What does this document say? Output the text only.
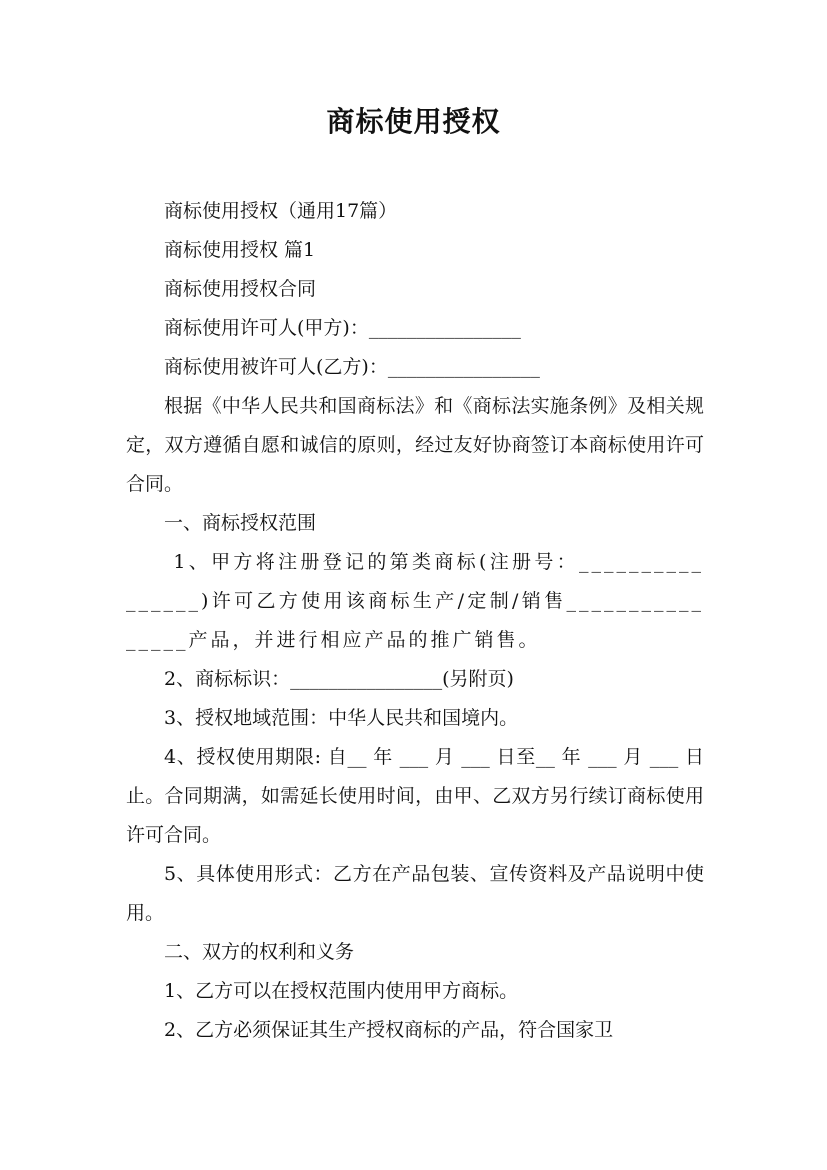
商标使用授权

商标使用授权（通用17篇）

商标使用授权 篇1

商标使用授权合同

商标使用许可人(甲方)：________________

商标使用被许可人(乙方)：________________

根据《中华人民共和国商标法》和《商标法实施条例》及相关规定，双方遵循自愿和诚信的原则，经过友好协商签订本商标使用许可合同。

一、商标授权范围

1、甲方将注册登记的第类商标(注册号：________________)许可乙方使用该商标生产/定制/销售________________产品，并进行相应产品的推广销售。

2、商标标识：________________(另附页)

3、授权地域范围：中华人民共和国境内。

4、授权使用期限: 自__ 年 ___ 月 ___ 日至__ 年 ___ 月 ___ 日止。合同期满，如需延长使用时间，由甲、乙双方另行续订商标使用许可合同。

5、具体使用形式：乙方在产品包装、宣传资料及产品说明中使用。

二、双方的权利和义务

1、乙方可以在授权范围内使用甲方商标。

2、乙方必须保证其生产授权商标的产品，符合国家卫
